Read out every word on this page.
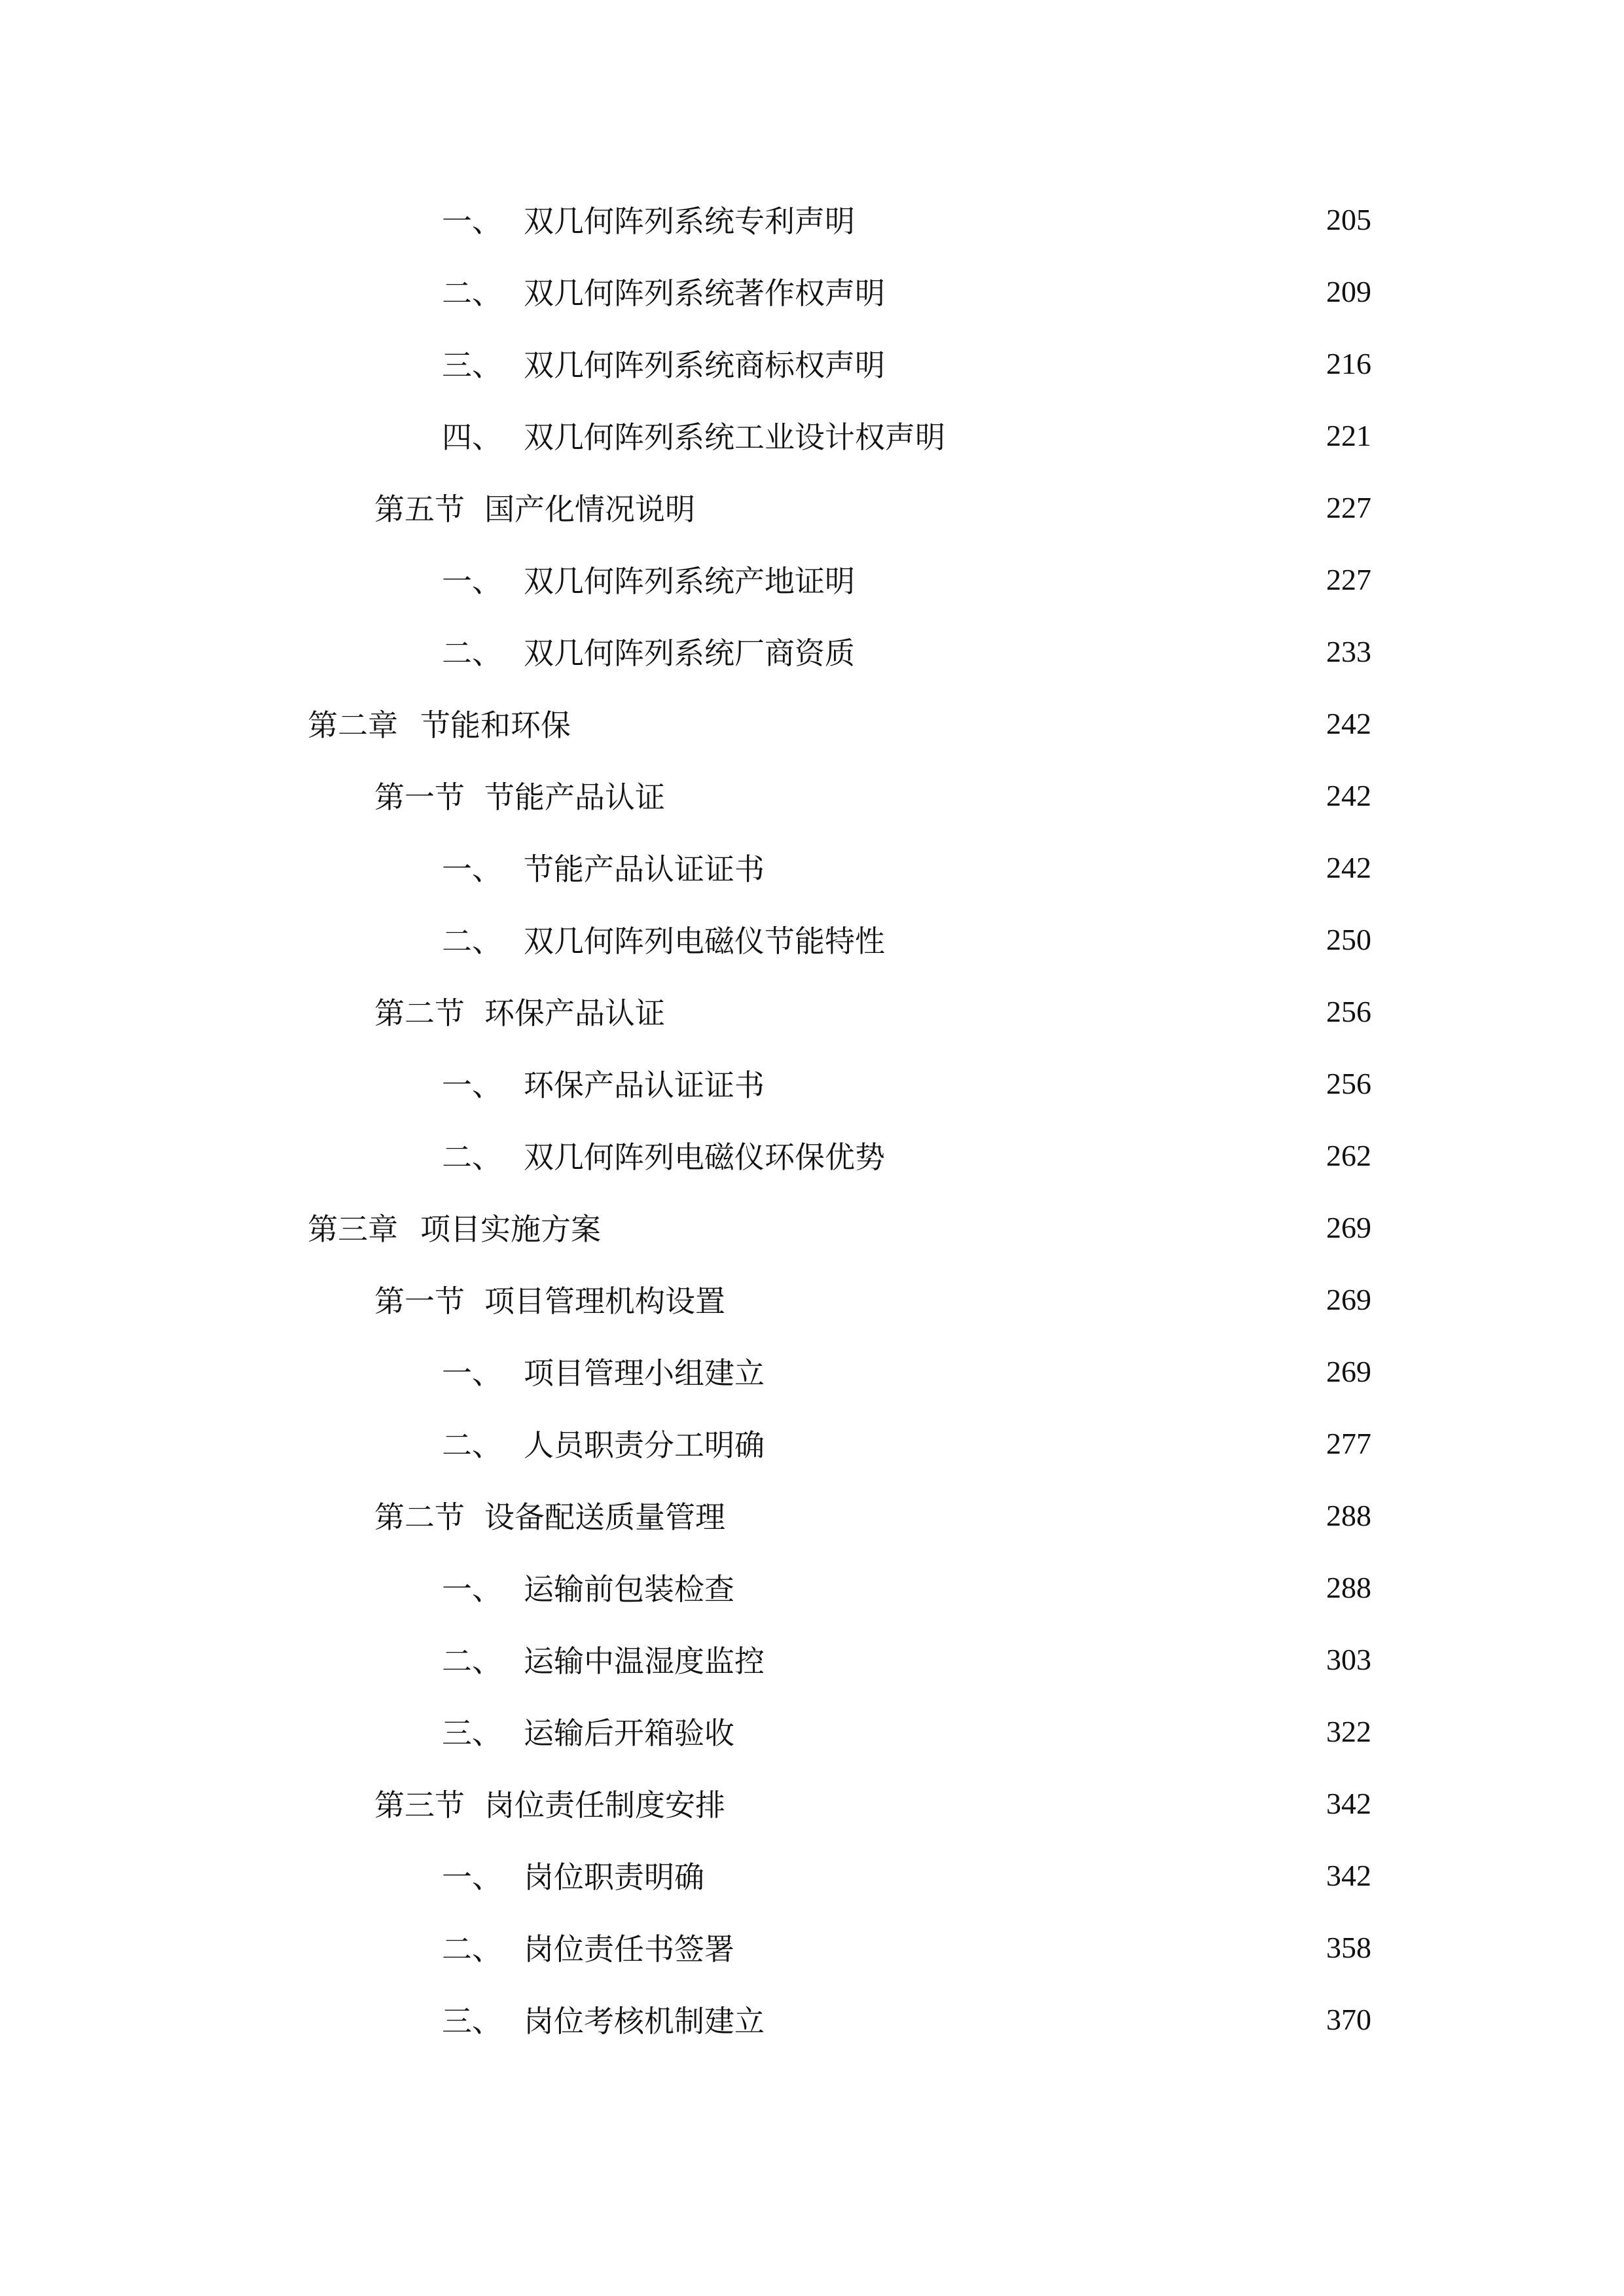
一、 双几何阵列系统专利声明	205
二、 双几何阵列系统著作权声明	209
三、 双几何阵列系统商标权声明	216
四、 双几何阵列系统工业设计权声明	221
第五节 国产化情况说明	227
一、 双几何阵列系统产地证明	227
二、 双几何阵列系统厂商资质	233
第二章 节能和环保	242
第一节 节能产品认证	242
一、 节能产品认证证书	242
二、 双几何阵列电磁仪节能特性	250
第二节 环保产品认证	256
一、 环保产品认证证书	256
二、 双几何阵列电磁仪环保优势	262
第三章 项目实施方案	269
第一节 项目管理机构设置	269
一、 项目管理小组建立	269
二、 人员职责分工明确	277
第二节 设备配送质量管理	288
一、 运输前包装检查	288
二、 运输中温湿度监控	303
三、 运输后开箱验收	322
第三节 岗位责任制度安排	342
一、 岗位职责明确	342
二、 岗位责任书签署	358
三、 岗位考核机制建立	370
